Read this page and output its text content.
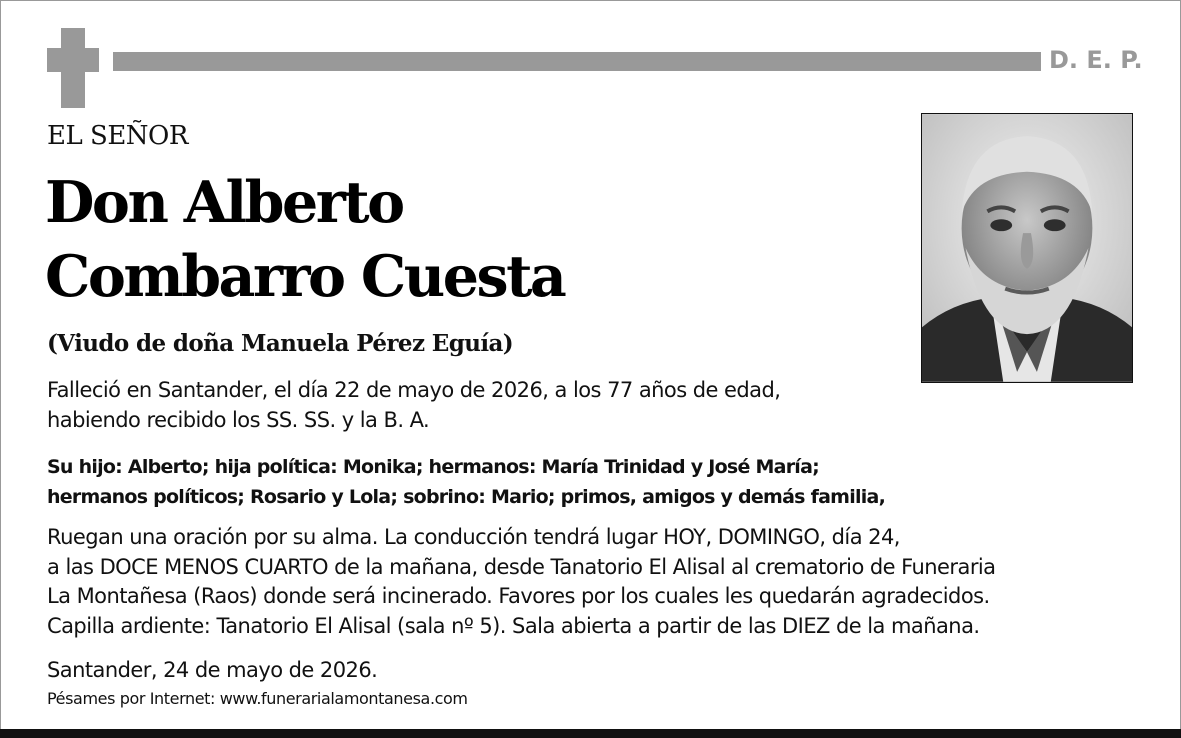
D. E. P.
EL SEÑOR
Don Alberto
Combarro Cuesta
(Viudo de doña Manuela Pérez Eguía)
Falleció en Santander, el día 22 de mayo de 2026, a los 77 años de edad,
habiendo recibido los SS. SS. y la B. A.
Su hijo: Alberto; hija política: Monika; hermanos: María Trinidad y José María;
hermanos políticos; Rosario y Lola; sobrino: Mario; primos, amigos y demás familia,
Ruegan una oración por su alma. La conducción tendrá lugar HOY, DOMINGO, día 24,
a las DOCE MENOS CUARTO de la mañana, desde Tanatorio El Alisal al crematorio de Funeraria
La Montañesa (Raos) donde será incinerado. Favores por los cuales les quedarán agradecidos.
Capilla ardiente: Tanatorio El Alisal (sala nº 5). Sala abierta a partir de las DIEZ de la mañana.
Santander, 24 de mayo de 2026.
Pésames por Internet: www.funerarialamontanesa.com
